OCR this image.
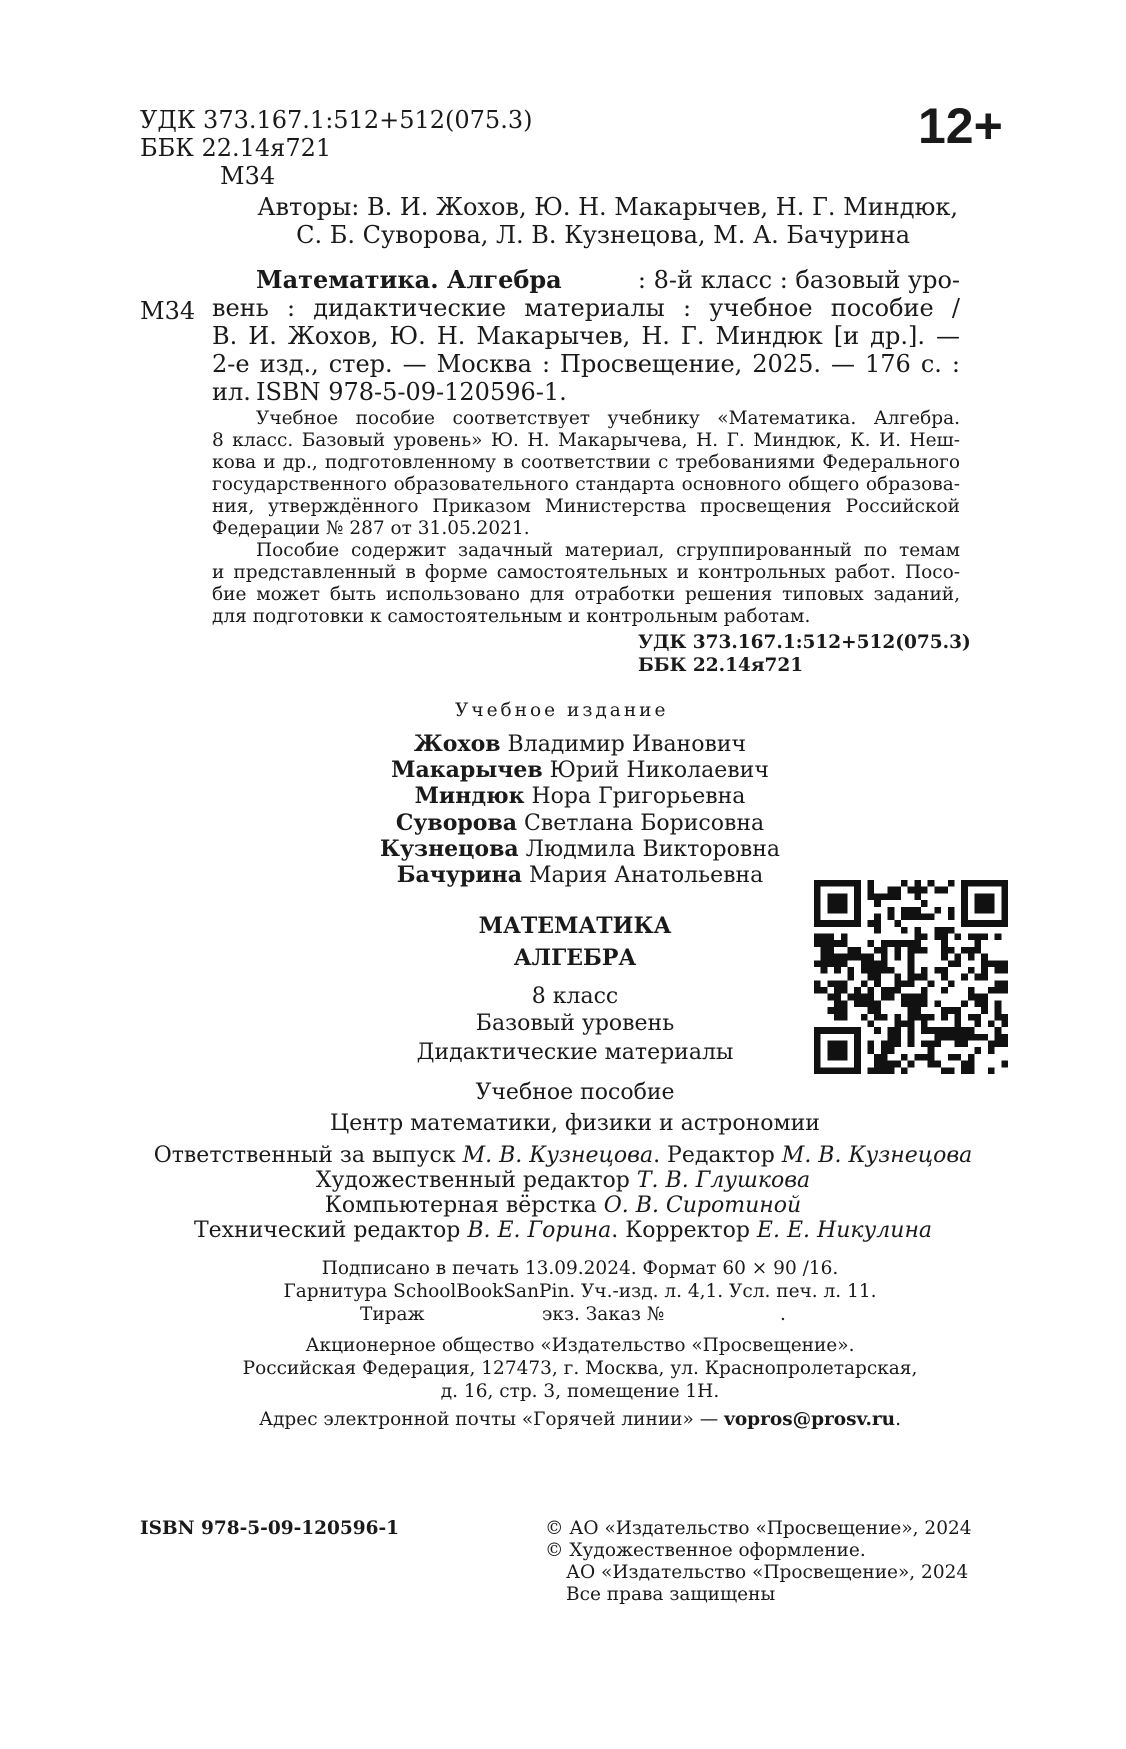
УДК 373.167.1:512+512(075.3)
ББК 22.14я721
М34
12+
Авторы: В. И. Жохов, Ю. Н. Макарычев, Н. Г. Миндюк,
С. Б. Суворова, Л. В. Кузнецова, М. А. Бачурина
М34
Математика. Алгебра	: 8-й класс : базовый уро-
вень : дидактические материалы : учебное пособие /
В. И. Жохов, Ю. Н. Макарычев, Н. Г. Миндюк [и др.]. —
2-е изд., стер. — Москва : Просвещение, 2025. — 176 с. : ил. ISBN 978-5-09-120596-1.
Учебное пособие соответствует учебнику «Математика. Алгебра.
8 класс. Базовый уровень» Ю. Н. Макарычева, Н. Г. Миндюк, К. И. Неш-
кова и др., подготовленному в соответствии с требованиями Федерального
государственного образовательного стандарта основного общего образова-
ния, утверждённого Приказом Министерства просвещения Российской
Федерации № 287 от 31.05.2021.
Пособие содержит задачный материал, сгруппированный по темам
и представленный в форме самостоятельных и контрольных работ. Посо-
бие может быть использовано для отработки решения типовых заданий,
для подготовки к самостоятельным и контрольным работам.
УДК 373.167.1:512+512(075.3)
ББК 22.14я721
Учебное издание
Жохов Владимир Иванович
Макарычев Юрий Николаевич
Миндюк Нора Григорьевна
Суворова Светлана Борисовна
Кузнецова Людмила Викторовна
Бачурина Мария Анатольевна
МАТЕМАТИКА
АЛГЕБРА
8 класс
Базовый уровень
Дидактические материалы
Учебное пособие
Центр математики, физики и астрономии
Ответственный за выпуск М. В. Кузнецова. Редактор М. В. Кузнецова
Художественный редактор Т. В. Глушкова
Компьютерная вёрстка О. В. Сиротиной
Технический редактор В. Е. Горина. Корректор Е. Е. Никулина
Подписано в печать 13.09.2024. Формат 60 × 90 /16.
Гарнитура SchoolBookSanPin. Уч.-изд. л. 4,1. Усл. печ. л. 11.
Тираж	экз. Заказ №	.
Акционерное общество «Издательство «Просвещение».
Российская Федерация, 127473, г. Москва, ул. Краснопролетарская,
д. 16, стр. 3, помещение 1Н.
Адрес электронной почты «Горячей линии» — vopros@prosv.ru.
ISBN 978-5-09-120596-1	© АО «Издательство «Просвещение», 2024
© Художественное оформление.
АО «Издательство «Просвещение», 2024
Все права защищены
